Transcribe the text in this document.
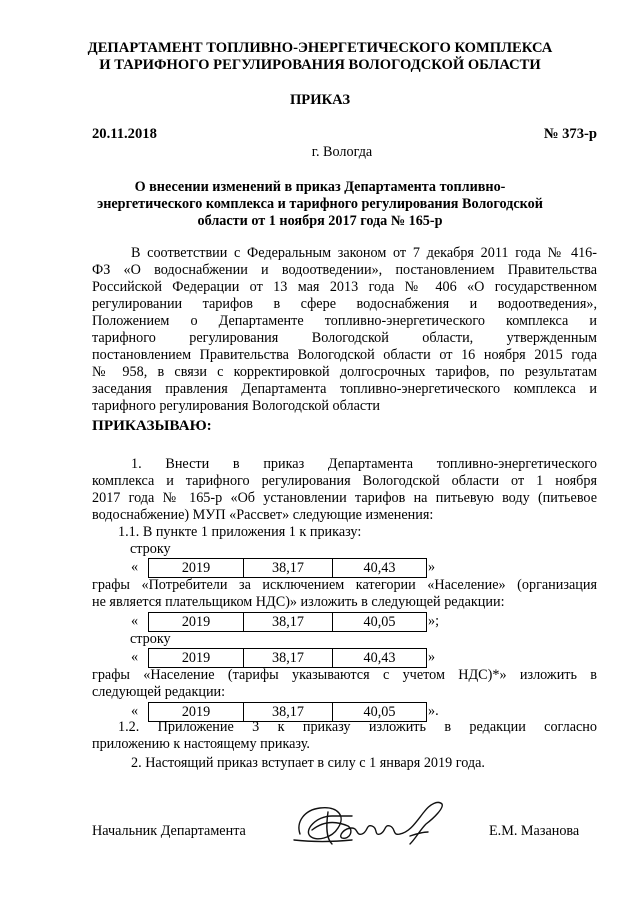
ДЕПАРТАМЕНТ ТОПЛИВНО-ЭНЕРГЕТИЧЕСКОГО КОМПЛЕКСА

И ТАРИФНОГО РЕГУЛИРОВАНИЯ ВОЛОГОДСКОЙ ОБЛАСТИ

ПРИКАЗ

20.11.2018	№ 373-р

г. Вологда

О внесении изменений в приказ Департамента топливно-

энергетического комплекса и тарифного регулирования Вологодской

области от 1 ноября 2017 года № 165-р

В соответствии с Федеральным законом от 7 декабря 2011 года № 416-

ФЗ «О водоснабжении и водоотведении», постановлением Правительства

Российской Федерации от 13 мая 2013 года № 406 «О государственном

регулировании тарифов в сфере водоснабжения и водоотведения»,

Положением о Департаменте топливно-энергетического комплекса и

тарифного регулирования Вологодской области, утвержденным

постановлением Правительства Вологодской области от 16 ноября 2015 года

№ 958, в связи с корректировкой долгосрочных тарифов, по результатам

заседания правления Департамента топливно-энергетического комплекса и

тарифного регулирования Вологодской области

ПРИКАЗЫВАЮ:

1. Внести в приказ Департамента топливно-энергетического

комплекса и тарифного регулирования Вологодской области от 1 ноября

2017 года № 165-р «Об установлении тарифов на питьевую воду (питьевое

водоснабжение) МУП «Рассвет» следующие изменения:

1.1. В пункте 1 приложения 1 к приказу:

строку

«	2019	38,17	40,43 »

графы «Потребители за исключением категории «Население» (организация

не является плательщиком НДС)» изложить в следующей редакции:

«	2019	38,17	40,05 »;

строку

«	2019	38,17	40,43 »

графы «Население (тарифы указываются с учетом НДС)*» изложить в

следующей редакции:

«	2019	38,17	40,05 ».

1.2. Приложение 3 к приказу изложить в редакции согласно

приложению к настоящему приказу.

2. Настоящий приказ вступает в силу с 1 января 2019 года.

Начальник Департамента	Е.М. Мазанова
